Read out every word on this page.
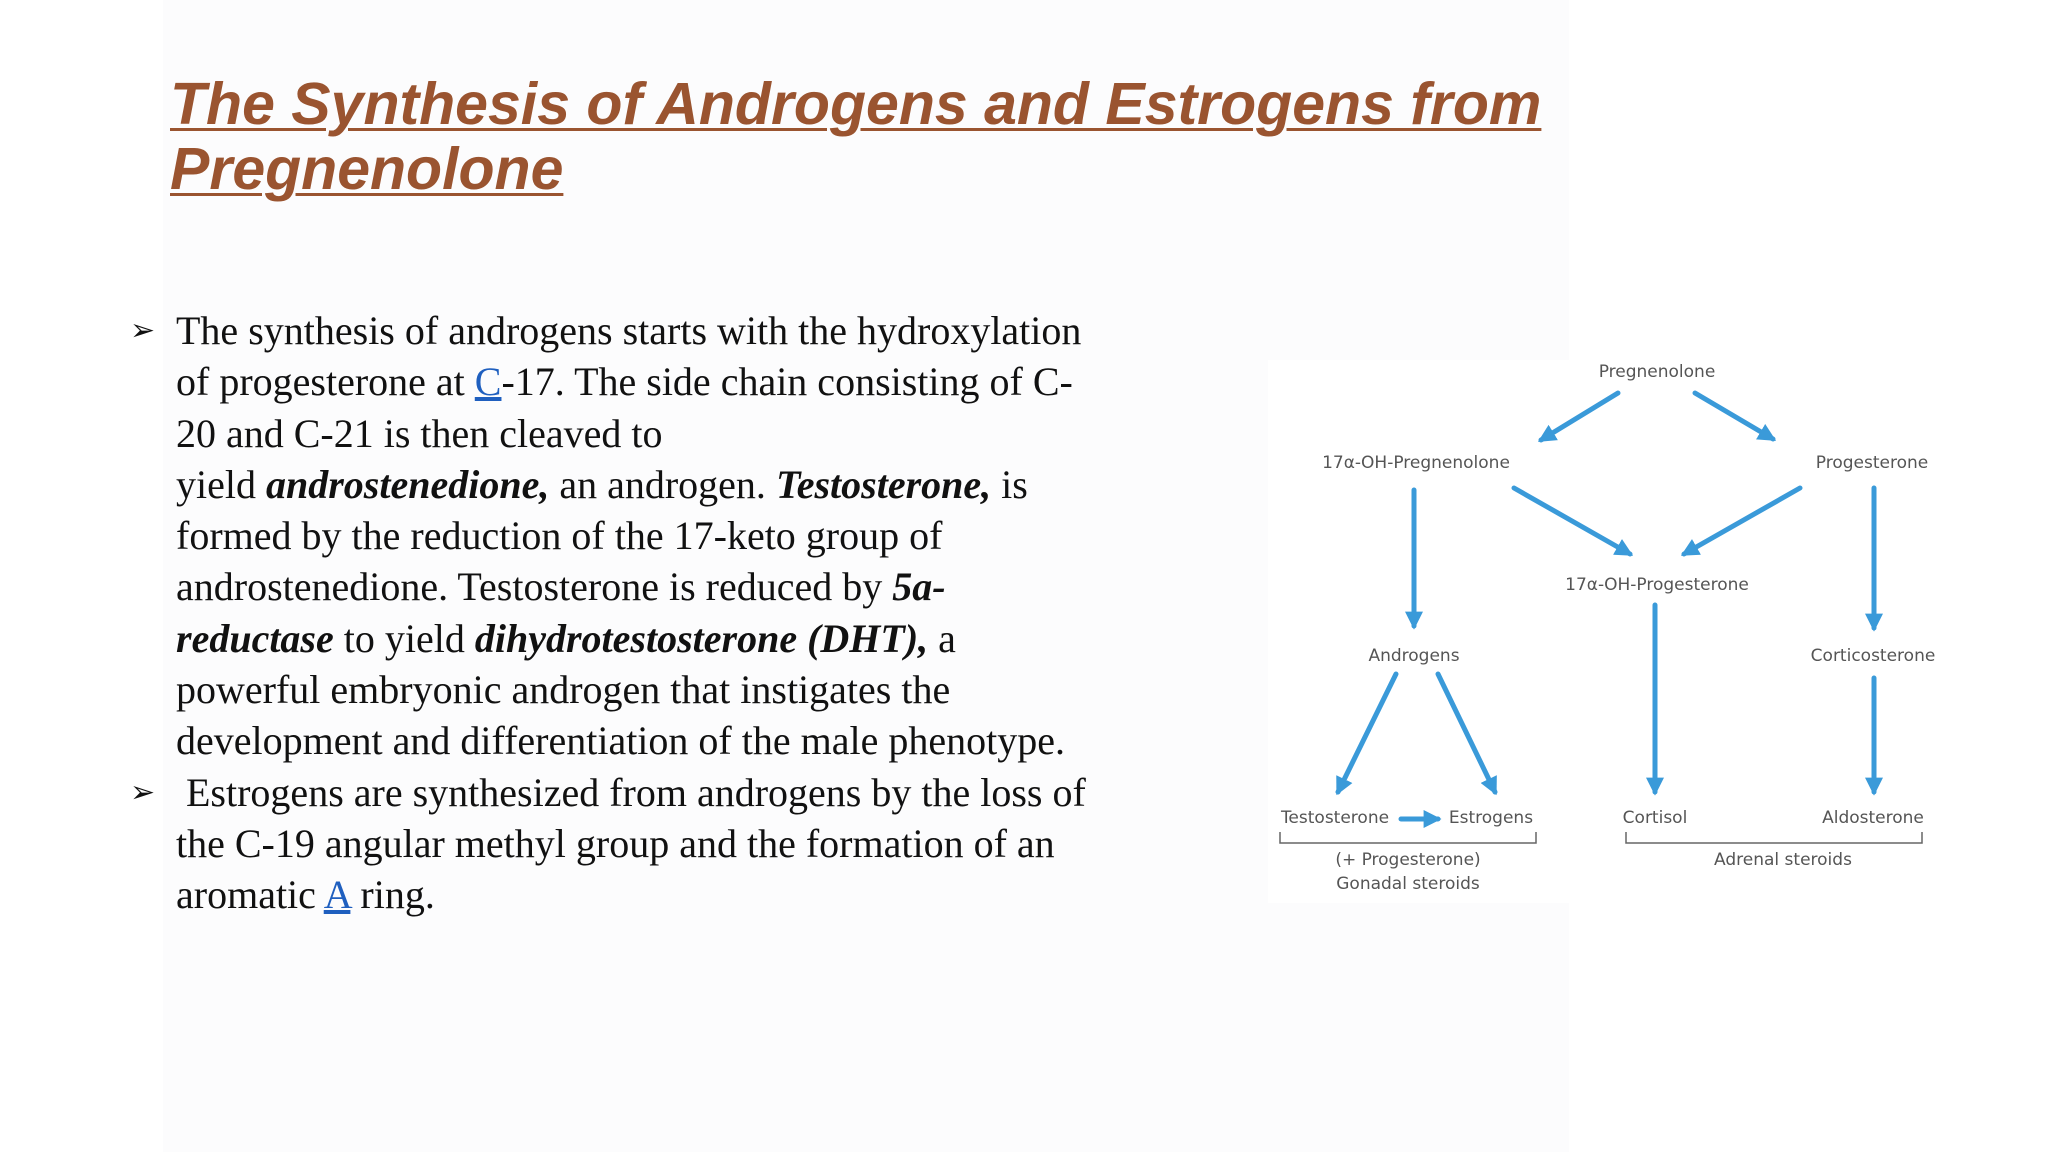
The Synthesis of Androgens and Estrogens from
Pregnenolone
➢ The synthesis of androgens starts with the hydroxylation
of progesterone at C-17. The side chain consisting of C-
20 and C-21 is then cleaved to
yield androstenedione, an androgen. Testosterone, is
formed by the reduction of the 17-keto group of
androstenedione. Testosterone is reduced by 5a-
reductase to yield dihydrotestosterone (DHT), a
powerful embryonic androgen that instigates the
development and differentiation of the male phenotype.
➢ Estrogens are synthesized from androgens by the loss of
the C-19 angular methyl group and the formation of an
aromatic A ring.
Pregnenolone
17α-OH-Pregnenolone	Progesterone
17α-OH-Progesterone
Androgens	Corticosterone
Testosterone	Estrogens	Cortisol	Aldosterone
(+ Progesterone)
Gonadal steroids
Adrenal steroids
